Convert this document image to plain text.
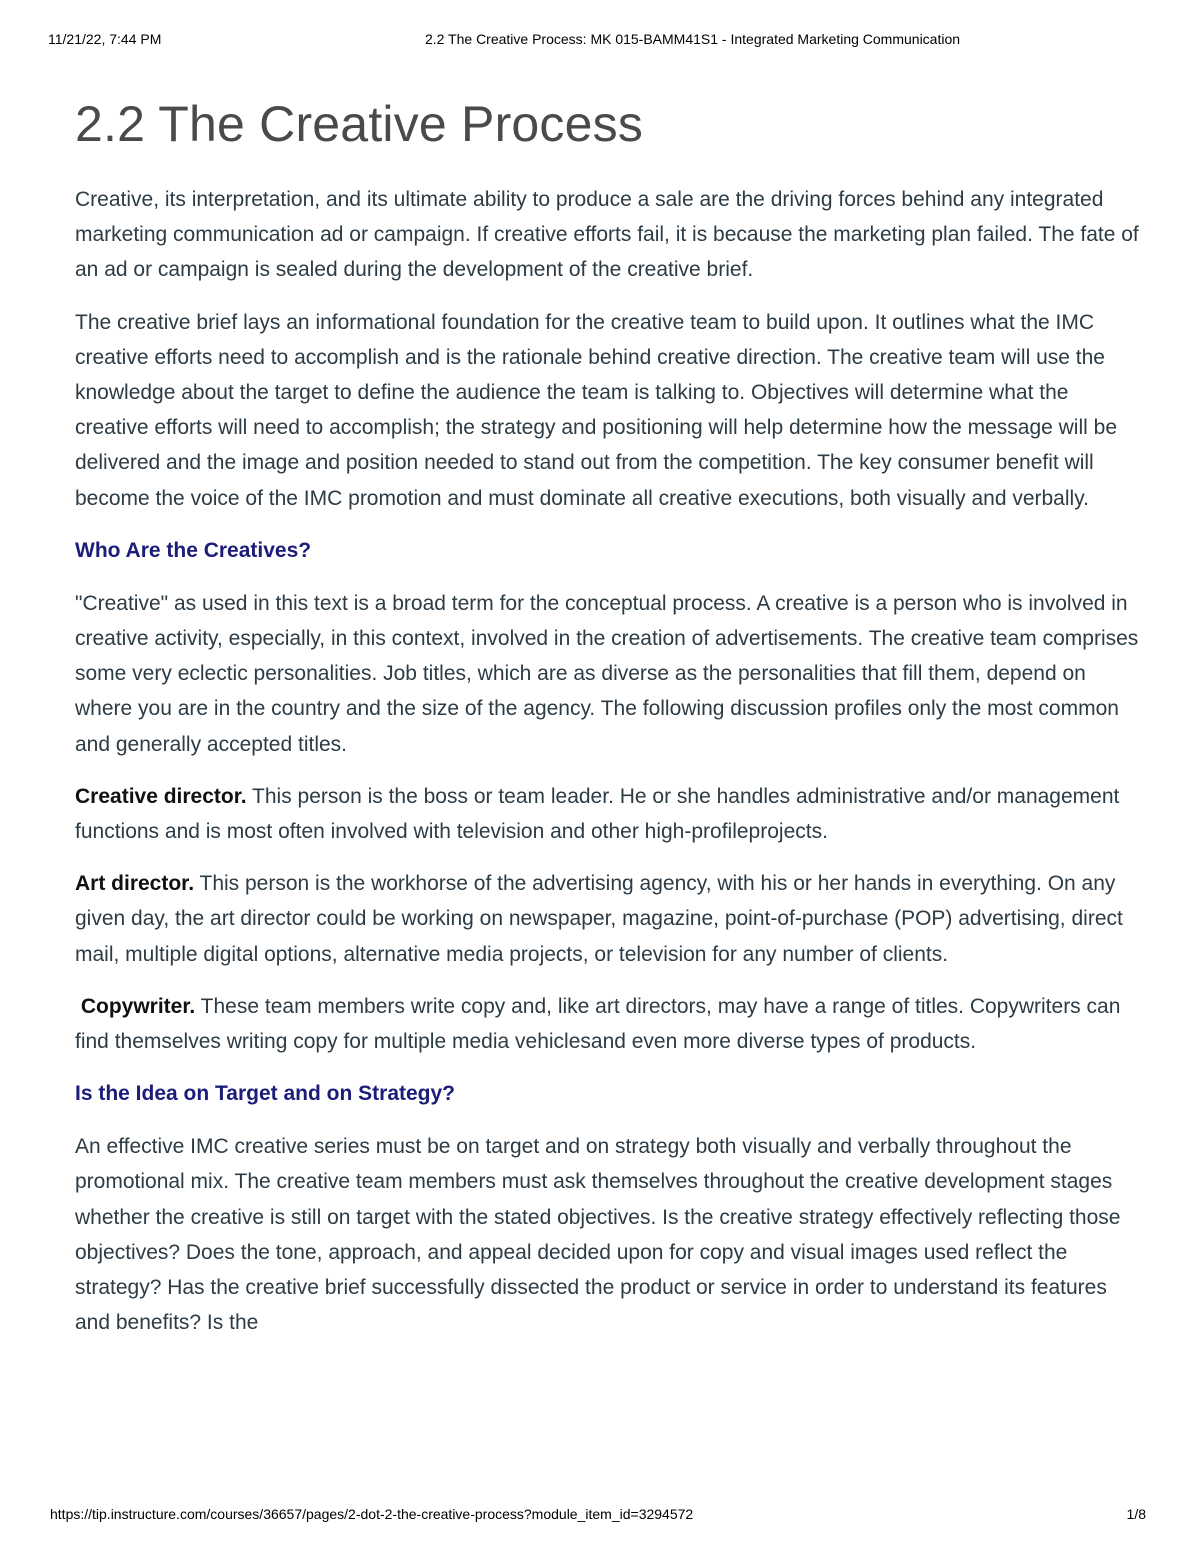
11/21/22, 7:44 PM	2.2 The Creative Process: MK 015-BAMM41S1 - Integrated Marketing Communication
2.2 The Creative Process

Creative, its interpretation, and its ultimate ability to produce a sale are the driving forces behind any integrated marketing communication ad or campaign. If creative efforts fail, it is because the marketing plan failed. The fate of an ad or campaign is sealed during the development of the creative brief.

The creative brief lays an informational foundation for the creative team to build upon. It outlines what the IMC creative efforts need to accomplish and is the rationale behind creative direction. The creative team will use the knowledge about the target to define the audience the team is talking to. Objectives will determine what the creative efforts will need to accomplish; the strategy and positioning will help determine how the message will be delivered and the image and position needed to stand out from the competition. The key consumer benefit will become the voice of the IMC promotion and must dominate all creative executions, both visually and verbally.

Who Are the Creatives?

"Creative" as used in this text is a broad term for the conceptual process. A creative is a person who is involved in creative activity, especially, in this context, involved in the creation of advertisements. The creative team comprises some very eclectic personalities. Job titles, which are as diverse as the personalities that fill them, depend on where you are in the country and the size of the agency. The following discussion profiles only the most common and generally accepted titles.

Creative director. This person is the boss or team leader. He or she handles administrative and/or management functions and is most often involved with television and other high-profileprojects.

Art director. This person is the workhorse of the advertising agency, with his or her hands in everything. On any given day, the art director could be working on newspaper, magazine, point-of-purchase (POP) advertising, direct mail, multiple digital options, alternative media projects, or television for any number of clients.

Copywriter. These team members write copy and, like art directors, may have a range of titles. Copywriters can find themselves writing copy for multiple media vehiclesand even more diverse types of products.

Is the Idea on Target and on Strategy?

An effective IMC creative series must be on target and on strategy both visually and verbally throughout the promotional mix. The creative team members must ask themselves throughout the creative development stages whether the creative is still on target with the stated objectives. Is the creative strategy effectively reflecting those objectives? Does the tone, approach, and appeal decided upon for copy and visual images used reflect the strategy? Has the creative brief successfully dissected the product or service in order to understand its features and benefits? Is the

https://tip.instructure.com/courses/36657/pages/2-dot-2-the-creative-process?module_item_id=3294572	1/8
